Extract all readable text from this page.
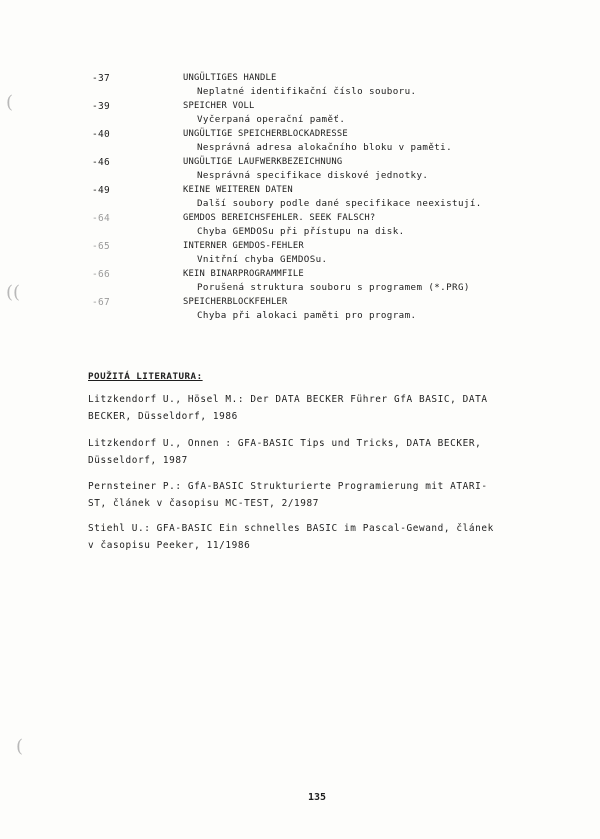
(
((
(
-37	UNGÜLTIGES HANDLE
Neplatné identifikační číslo souboru.
-39	SPEICHER VOLL
Vyčerpaná operační paměť.
-40	UNGÜLTIGE SPEICHERBLOCKADRESSE
Nesprávná adresa alokačního bloku v paměti.
-46	UNGÜLTIGE LAUFWERKBEZEICHNUNG
Nesprávná specifikace diskové jednotky.
-49	KEINE WEITEREN DATEN
Další soubory podle dané specifikace neexistují.
-64	GEMDOS BEREICHSFEHLER. SEEK FALSCH?
Chyba GEMDOSu při přístupu na disk.
-65	INTERNER GEMDOS-FEHLER
Vnitřní chyba GEMDOSu.
-66	KEIN BINARPROGRAMMFILE
Porušená struktura souboru s programem (*.PRG)
-67	SPEICHERBLOCKFEHLER
Chyba při alokaci paměti pro program.
POUŽITÁ LITERATURA:
Litzkendorf U., Hösel M.: Der DATA BECKER Führer GfA BASIC, DATA
BECKER, Düsseldorf, 1986
Litzkendorf U., Onnen : GFA-BASIC Tips und Tricks, DATA BECKER,
Düsseldorf, 1987
Pernsteiner P.: GfA-BASIC Strukturierte Programierung mit ATARI-
ST, článek v časopisu MC-TEST, 2/1987
Stiehl U.: GFA-BASIC Ein schnelles BASIC im Pascal-Gewand, článek
v časopisu Peeker, 11/1986
135
